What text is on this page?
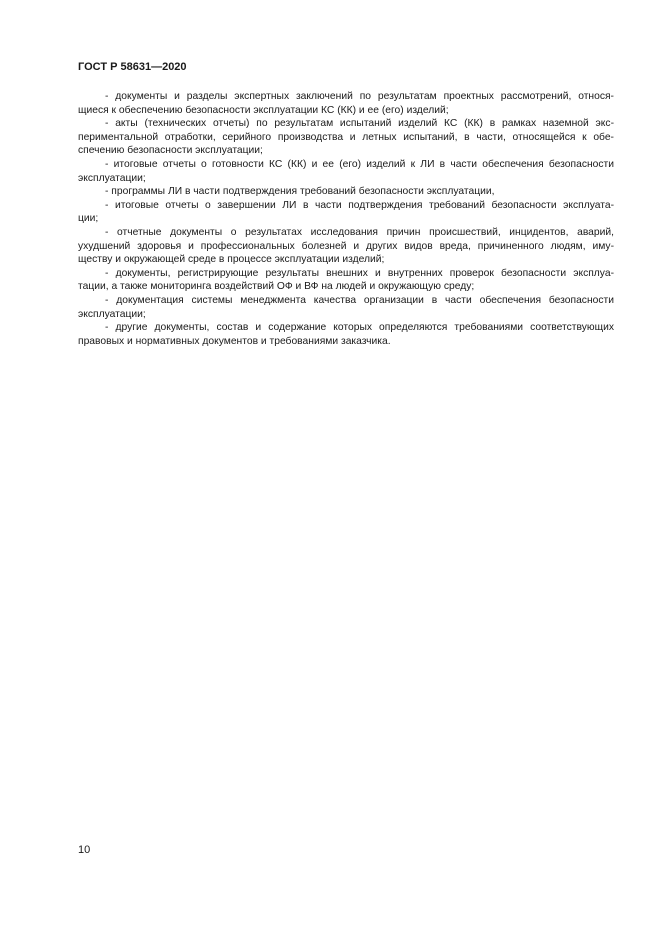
ГОСТ Р 58631—2020
- документы и разделы экспертных заключений по результатам проектных рассмотрений, относя-
щиеся к обеспечению безопасности эксплуатации КС (КК) и ее (его) изделий;
- акты (технических отчеты) по результатам испытаний изделий КС (КК) в рамках наземной экс-
периментальной отработки, серийного производства и летных испытаний, в части, относящейся к обе-
спечению безопасности эксплуатации;
- итоговые отчеты о готовности КС (КК) и ее (его) изделий к ЛИ в части обеспечения безопасности
эксплуатации;
- программы ЛИ в части подтверждения требований безопасности эксплуатации,
- итоговые отчеты о завершении ЛИ в части подтверждения требований безопасности эксплуата-
ции;
- отчетные документы о результатах исследования причин происшествий, инцидентов, аварий,
ухудшений здоровья и профессиональных болезней и других видов вреда, причиненного людям, иму-
ществу и окружающей среде в процессе эксплуатации изделий;
- документы, регистрирующие результаты внешних и внутренних проверок безопасности эксплуа-
тации, а также мониторинга воздействий ОФ и ВФ на людей и окружающую среду;
- документация системы менеджмента качества организации в части обеспечения безопасности
эксплуатации;
- другие документы, состав и содержание которых определяются требованиями соответствующих
правовых и нормативных документов и требованиями заказчика.
10
